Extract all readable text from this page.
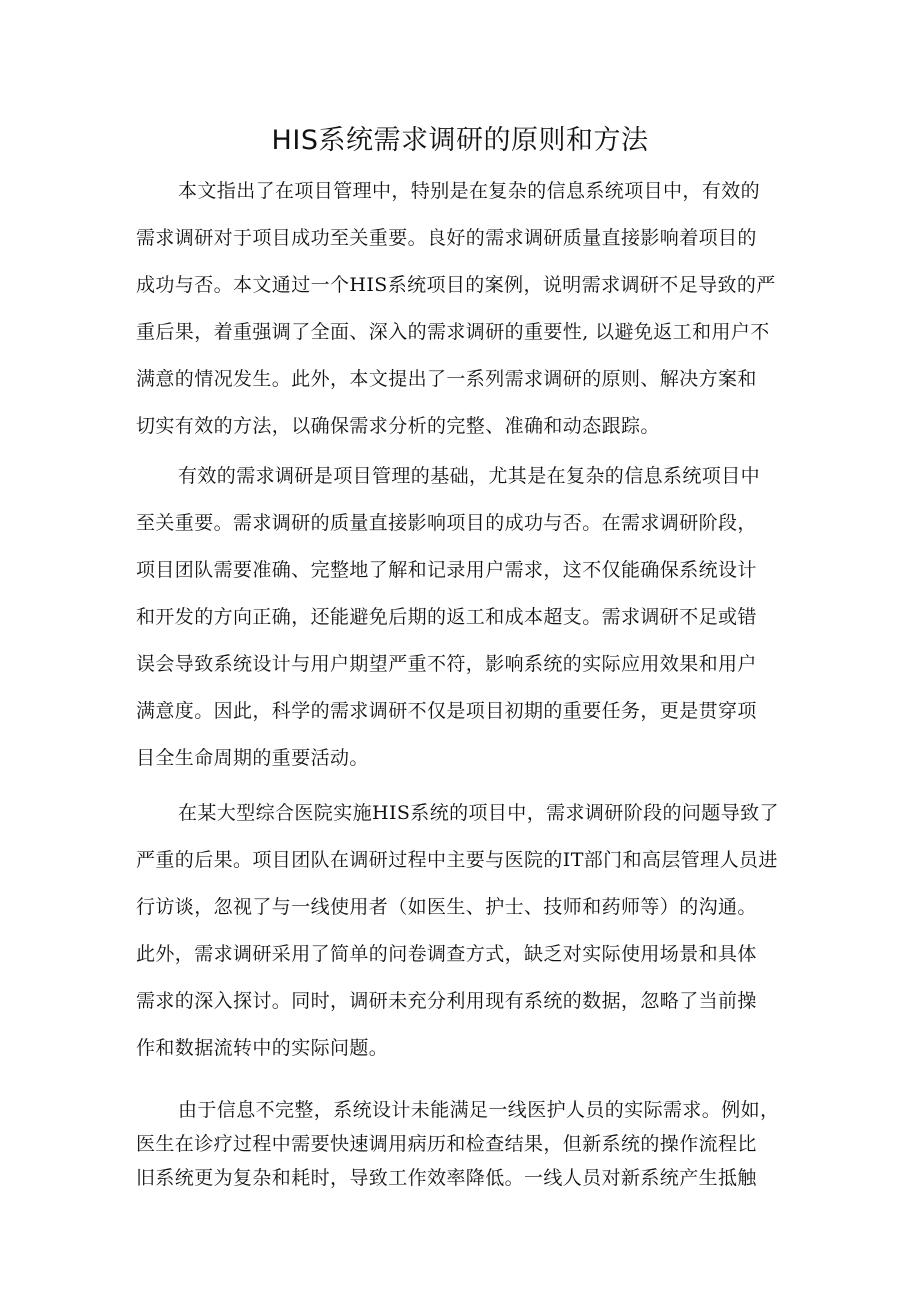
HIS系统需求调研的原则和方法
本文指出了在项目管理中，特别是在复杂的信息系统项目中，有效的
需求调研对于项目成功至关重要。良好的需求调研质量直接影响着项目的
成功与否。本文通过一个HIS系统项目的案例，说明需求调研不足导致的严
重后果，着重强调了全面、深入的需求调研的重要性, 以避免返工和用户不
满意的情况发生。此外，本文提出了一系列需求调研的原则、解决方案和
切实有效的方法，以确保需求分析的完整、准确和动态跟踪。
有效的需求调研是项目管理的基础，尤其是在复杂的信息系统项目中
至关重要。需求调研的质量直接影响项目的成功与否。在需求调研阶段，
项目团队需要准确、完整地了解和记录用户需求，这不仅能确保系统设计
和开发的方向正确，还能避免后期的返工和成本超支。需求调研不足或错
误会导致系统设计与用户期望严重不符，影响系统的实际应用效果和用户
满意度。因此，科学的需求调研不仅是项目初期的重要任务，更是贯穿项
目全生命周期的重要活动。
在某大型综合医院实施HIS系统的项目中，需求调研阶段的问题导致了
严重的后果。项目团队在调研过程中主要与医院的IT部门和高层管理人员进
行访谈，忽视了与一线使用者（如医生、护士、技师和药师等）的沟通。
此外，需求调研采用了简单的问卷调查方式，缺乏对实际使用场景和具体
需求的深入探讨。同时，调研未充分利用现有系统的数据，忽略了当前操
作和数据流转中的实际问题。
由于信息不完整，系统设计未能满足一线医护人员的实际需求。例如，
医生在诊疗过程中需要快速调用病历和检查结果，但新系统的操作流程比
旧系统更为复杂和耗时，导致工作效率降低。一线人员对新系统产生抵触
